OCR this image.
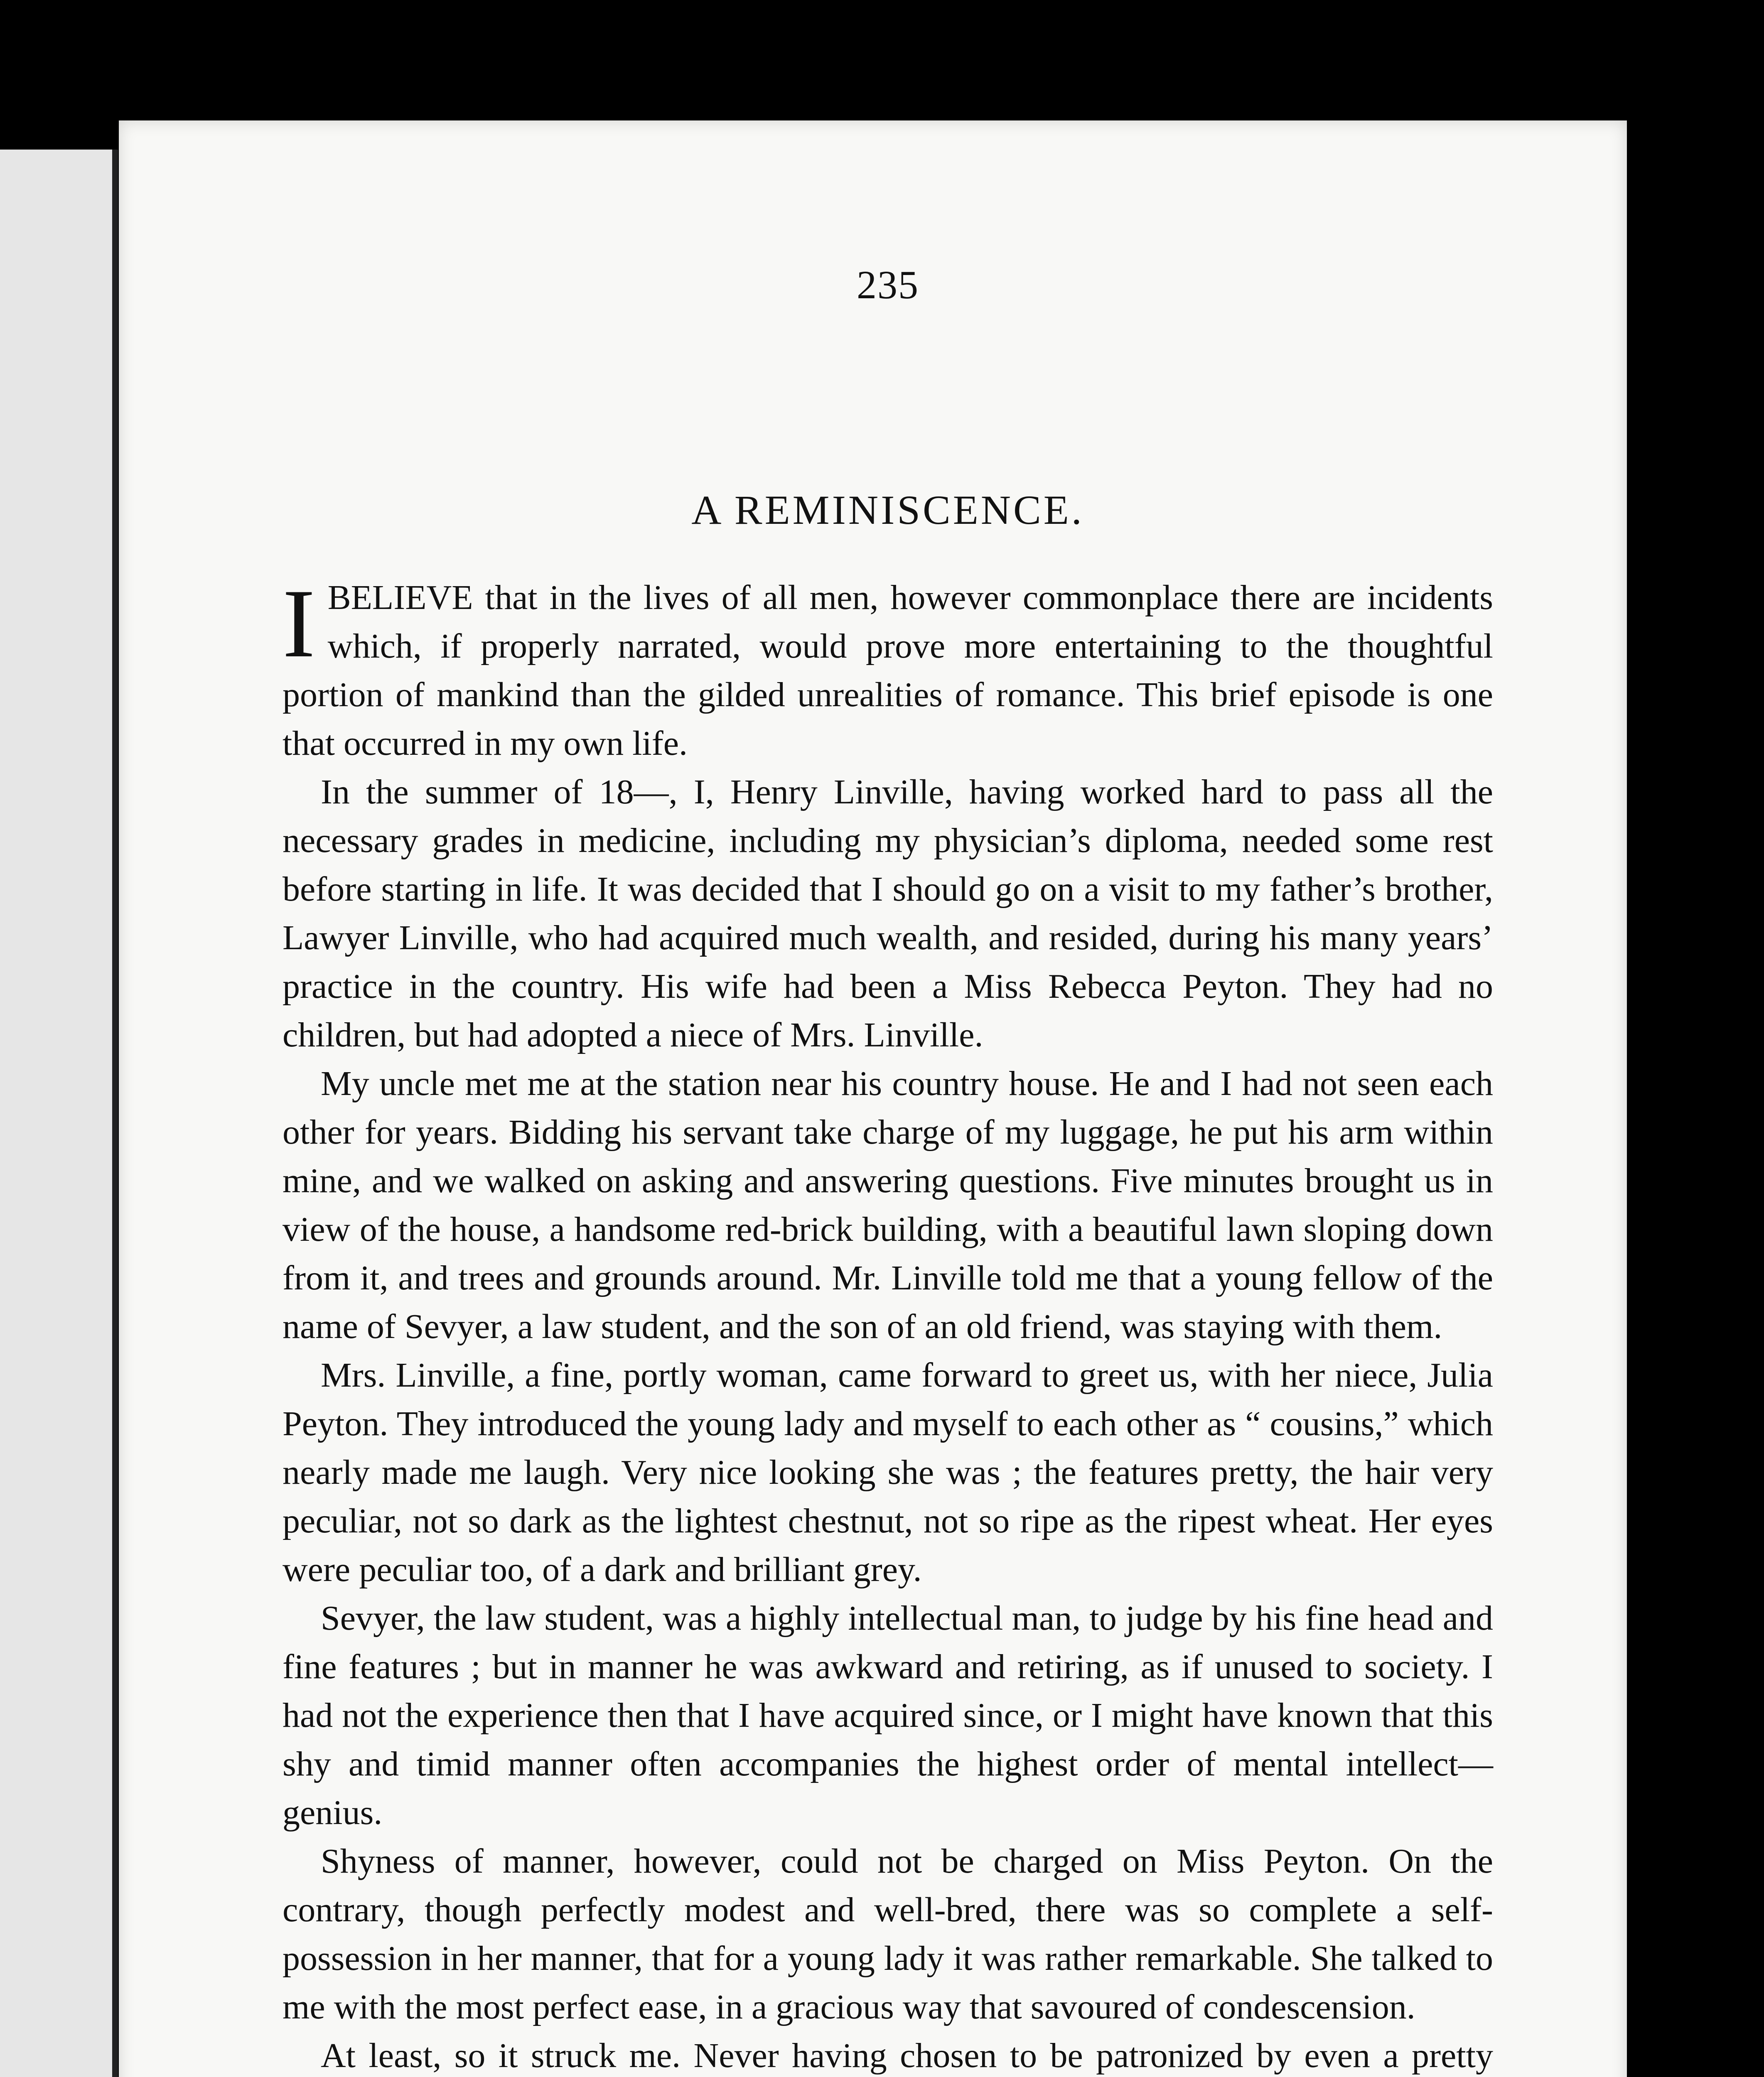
235
A REMINISCENCE.

IBELIEVE that in the lives of all men, however commonplace there are incidents which, if properly narrated, would prove more entertaining to the thoughtful portion of mankind than the gilded unrealities of romance. This brief episode is one that occurred in my own life.

In the summer of 18—, I, Henry Linville, having worked hard to pass all the necessary grades in medicine, including my physician’s diploma, needed some rest before starting in life. It was decided that I should go on a visit to my father’s brother, Lawyer Linville, who had acquired much wealth, and resided, during his many years’ practice in the country. His wife had been a Miss Rebecca Peyton. They had no children, but had adopted a niece of Mrs. Linville.

My uncle met me at the station near his country house. He and I had not seen each other for years. Bidding his servant take charge of my luggage, he put his arm within mine, and we walked on asking and answering questions. Five minutes brought us in view of the house, a handsome red-brick building, with a beautiful lawn sloping down from it, and trees and grounds around. Mr. Linville told me that a young fellow of the name of Sevyer, a law student, and the son of an old friend, was staying with them.

Mrs. Linville, a fine, portly woman, came forward to greet us, with her niece, Julia Peyton. They introduced the young lady and myself to each other as “ cousins,” which nearly made me laugh. Very nice looking she was ; the features pretty, the hair very peculiar, not so dark as the lightest chestnut, not so ripe as the ripest wheat. Her eyes were peculiar too, of a dark and brilliant grey.

Sevyer, the law student, was a highly intellectual man, to judge by his fine head and fine features ; but in manner he was awkward and retiring, as if unused to society. I had not the experience then that I have acquired since, or I might have known that this shy and timid manner often accompanies the highest order of mental intellect— genius.

Shyness of manner, however, could not be charged on Miss Peyton. On the contrary, though perfectly modest and well-bred, there was so complete a self-possession in her manner, that for a young lady it was rather remarkable. She talked to me with the most perfect ease, in a gracious way that savoured of condescension.

At least, so it struck me. Never having chosen to be patronized by even a pretty
